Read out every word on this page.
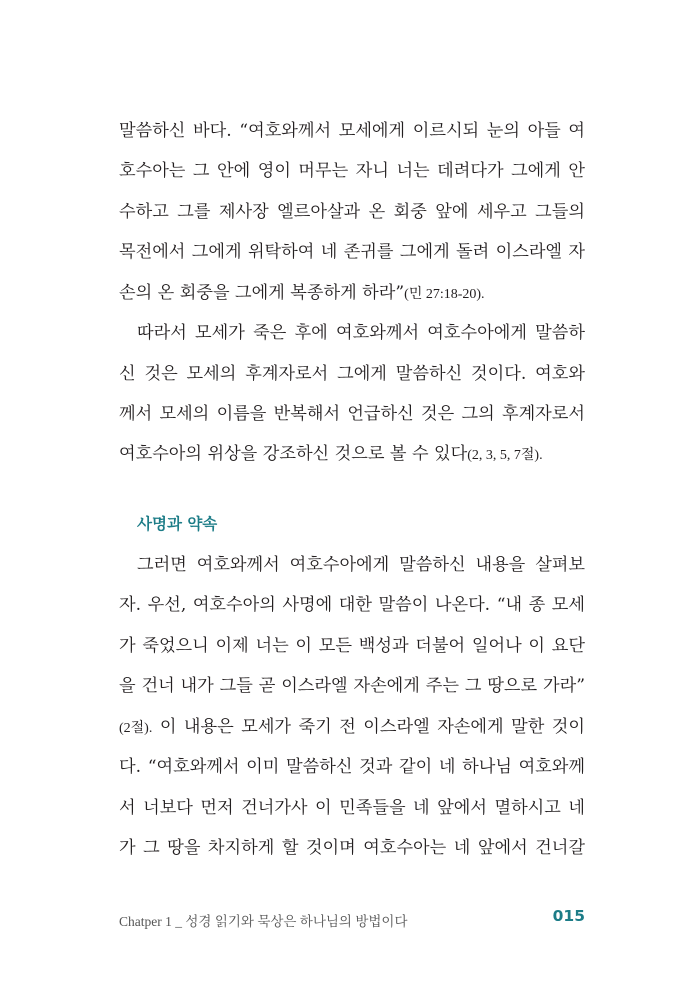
말씀하신 바다. “여호와께서 모세에게 이르시되 눈의 아들 여
호수아는 그 안에 영이 머무는 자니 너는 데려다가 그에게 안
수하고 그를 제사장 엘르아살과 온 회중 앞에 세우고 그들의
목전에서 그에게 위탁하여 네 존귀를 그에게 돌려 이스라엘 자
손의 온 회중을 그에게 복종하게 하라”(민 27:18-20).
따라서 모세가 죽은 후에 여호와께서 여호수아에게 말씀하
신 것은 모세의 후계자로서 그에게 말씀하신 것이다. 여호와
께서 모세의 이름을 반복해서 언급하신 것은 그의 후계자로서
여호수아의 위상을 강조하신 것으로 볼 수 있다(2, 3, 5, 7절).
사명과 약속
그러면 여호와께서 여호수아에게 말씀하신 내용을 살펴보
자. 우선, 여호수아의 사명에 대한 말씀이 나온다. “내 종 모세
가 죽었으니 이제 너는 이 모든 백성과 더불어 일어나 이 요단
을 건너 내가 그들 곧 이스라엘 자손에게 주는 그 땅으로 가라”
(2절). 이 내용은 모세가 죽기 전 이스라엘 자손에게 말한 것이
다. “여호와께서 이미 말씀하신 것과 같이 네 하나님 여호와께
서 너보다 먼저 건너가사 이 민족들을 네 앞에서 멸하시고 네
가 그 땅을 차지하게 할 것이며 여호수아는 네 앞에서 건너갈
Chatper 1 _ 성경 읽기와 묵상은 하나님의 방법이다	015
